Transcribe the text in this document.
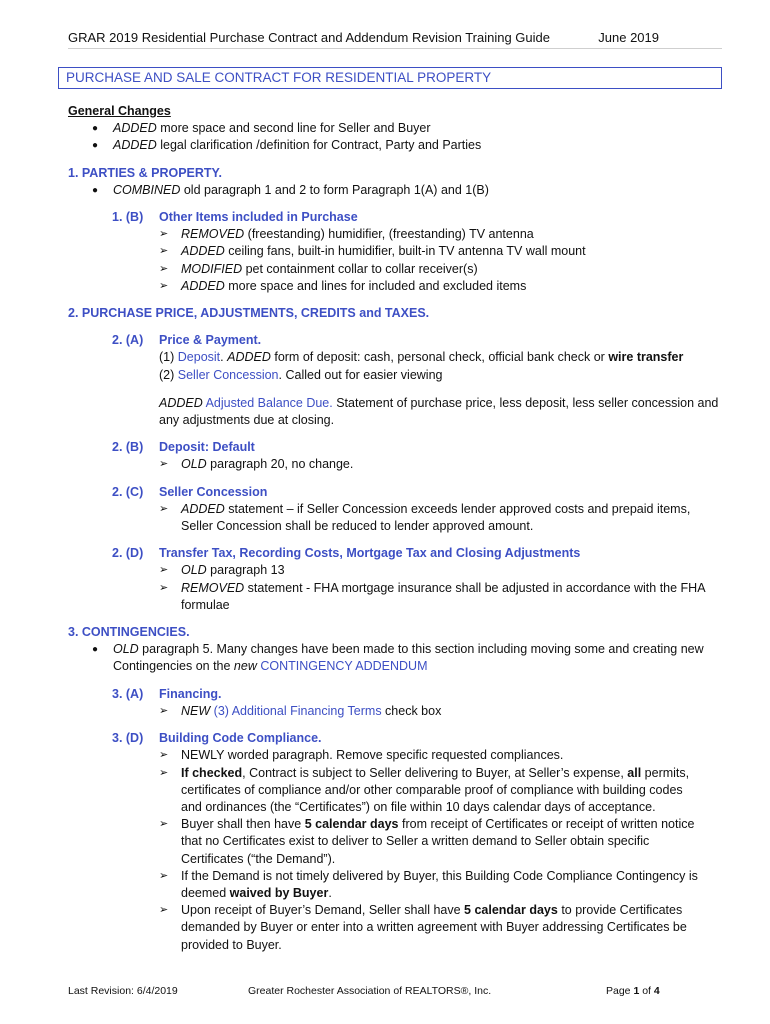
GRAR 2019 Residential Purchase Contract and Addendum Revision Training Guide	June 2019
PURCHASE AND SALE CONTRACT FOR RESIDENTIAL PROPERTY
General Changes
● ADDED more space and second line for Seller and Buyer
● ADDED legal clarification /definition for Contract, Party and Parties
1. PARTIES & PROPERTY.
● COMBINED old paragraph 1 and 2 to form Paragraph 1(A) and 1(B)
1. (B) Other Items included in Purchase
➢ REMOVED (freestanding) humidifier, (freestanding) TV antenna
➢ ADDED ceiling fans, built-in humidifier, built-in TV antenna TV wall mount
➢ MODIFIED pet containment collar to collar receiver(s)
➢ ADDED more space and lines for included and excluded items
2. PURCHASE PRICE, ADJUSTMENTS, CREDITS and TAXES.
2. (A) Price & Payment.
(1) Deposit. ADDED form of deposit: cash, personal check, official bank check or wire transfer
(2) Seller Concession. Called out for easier viewing
ADDED Adjusted Balance Due. Statement of purchase price, less deposit, less seller concession and
any adjustments due at closing.
2. (B) Deposit: Default
➢ OLD paragraph 20, no change.
2. (C) Seller Concession
➢ ADDED statement – if Seller Concession exceeds lender approved costs and prepaid items,
Seller Concession shall be reduced to lender approved amount.
2. (D) Transfer Tax, Recording Costs, Mortgage Tax and Closing Adjustments
➢ OLD paragraph 13
➢ REMOVED statement - FHA mortgage insurance shall be adjusted in accordance with the FHA
formulae
3. CONTINGENCIES.
● OLD paragraph 5. Many changes have been made to this section including moving some and creating new
Contingencies on the new CONTINGENCY ADDENDUM
3. (A) Financing.
➢ NEW (3) Additional Financing Terms check box
3. (D) Building Code Compliance.
➢ NEWLY worded paragraph. Remove specific requested compliances.
➢ If checked, Contract is subject to Seller delivering to Buyer, at Seller’s expense, all permits,
certificates of compliance and/or other comparable proof of compliance with building codes
and ordinances (the “Certificates”) on file within 10 days calendar days of acceptance.
➢ Buyer shall then have 5 calendar days from receipt of Certificates or receipt of written notice
that no Certificates exist to deliver to Seller a written demand to Seller obtain specific
Certificates (“the Demand”).
➢ If the Demand is not timely delivered by Buyer, this Building Code Compliance Contingency is
deemed waived by Buyer.
➢ Upon receipt of Buyer’s Demand, Seller shall have 5 calendar days to provide Certificates
demanded by Buyer or enter into a written agreement with Buyer addressing Certificates be
provided to Buyer.
Last Revision: 6/4/2019	Greater Rochester Association of REALTORS®, Inc.	Page 1 of 4
